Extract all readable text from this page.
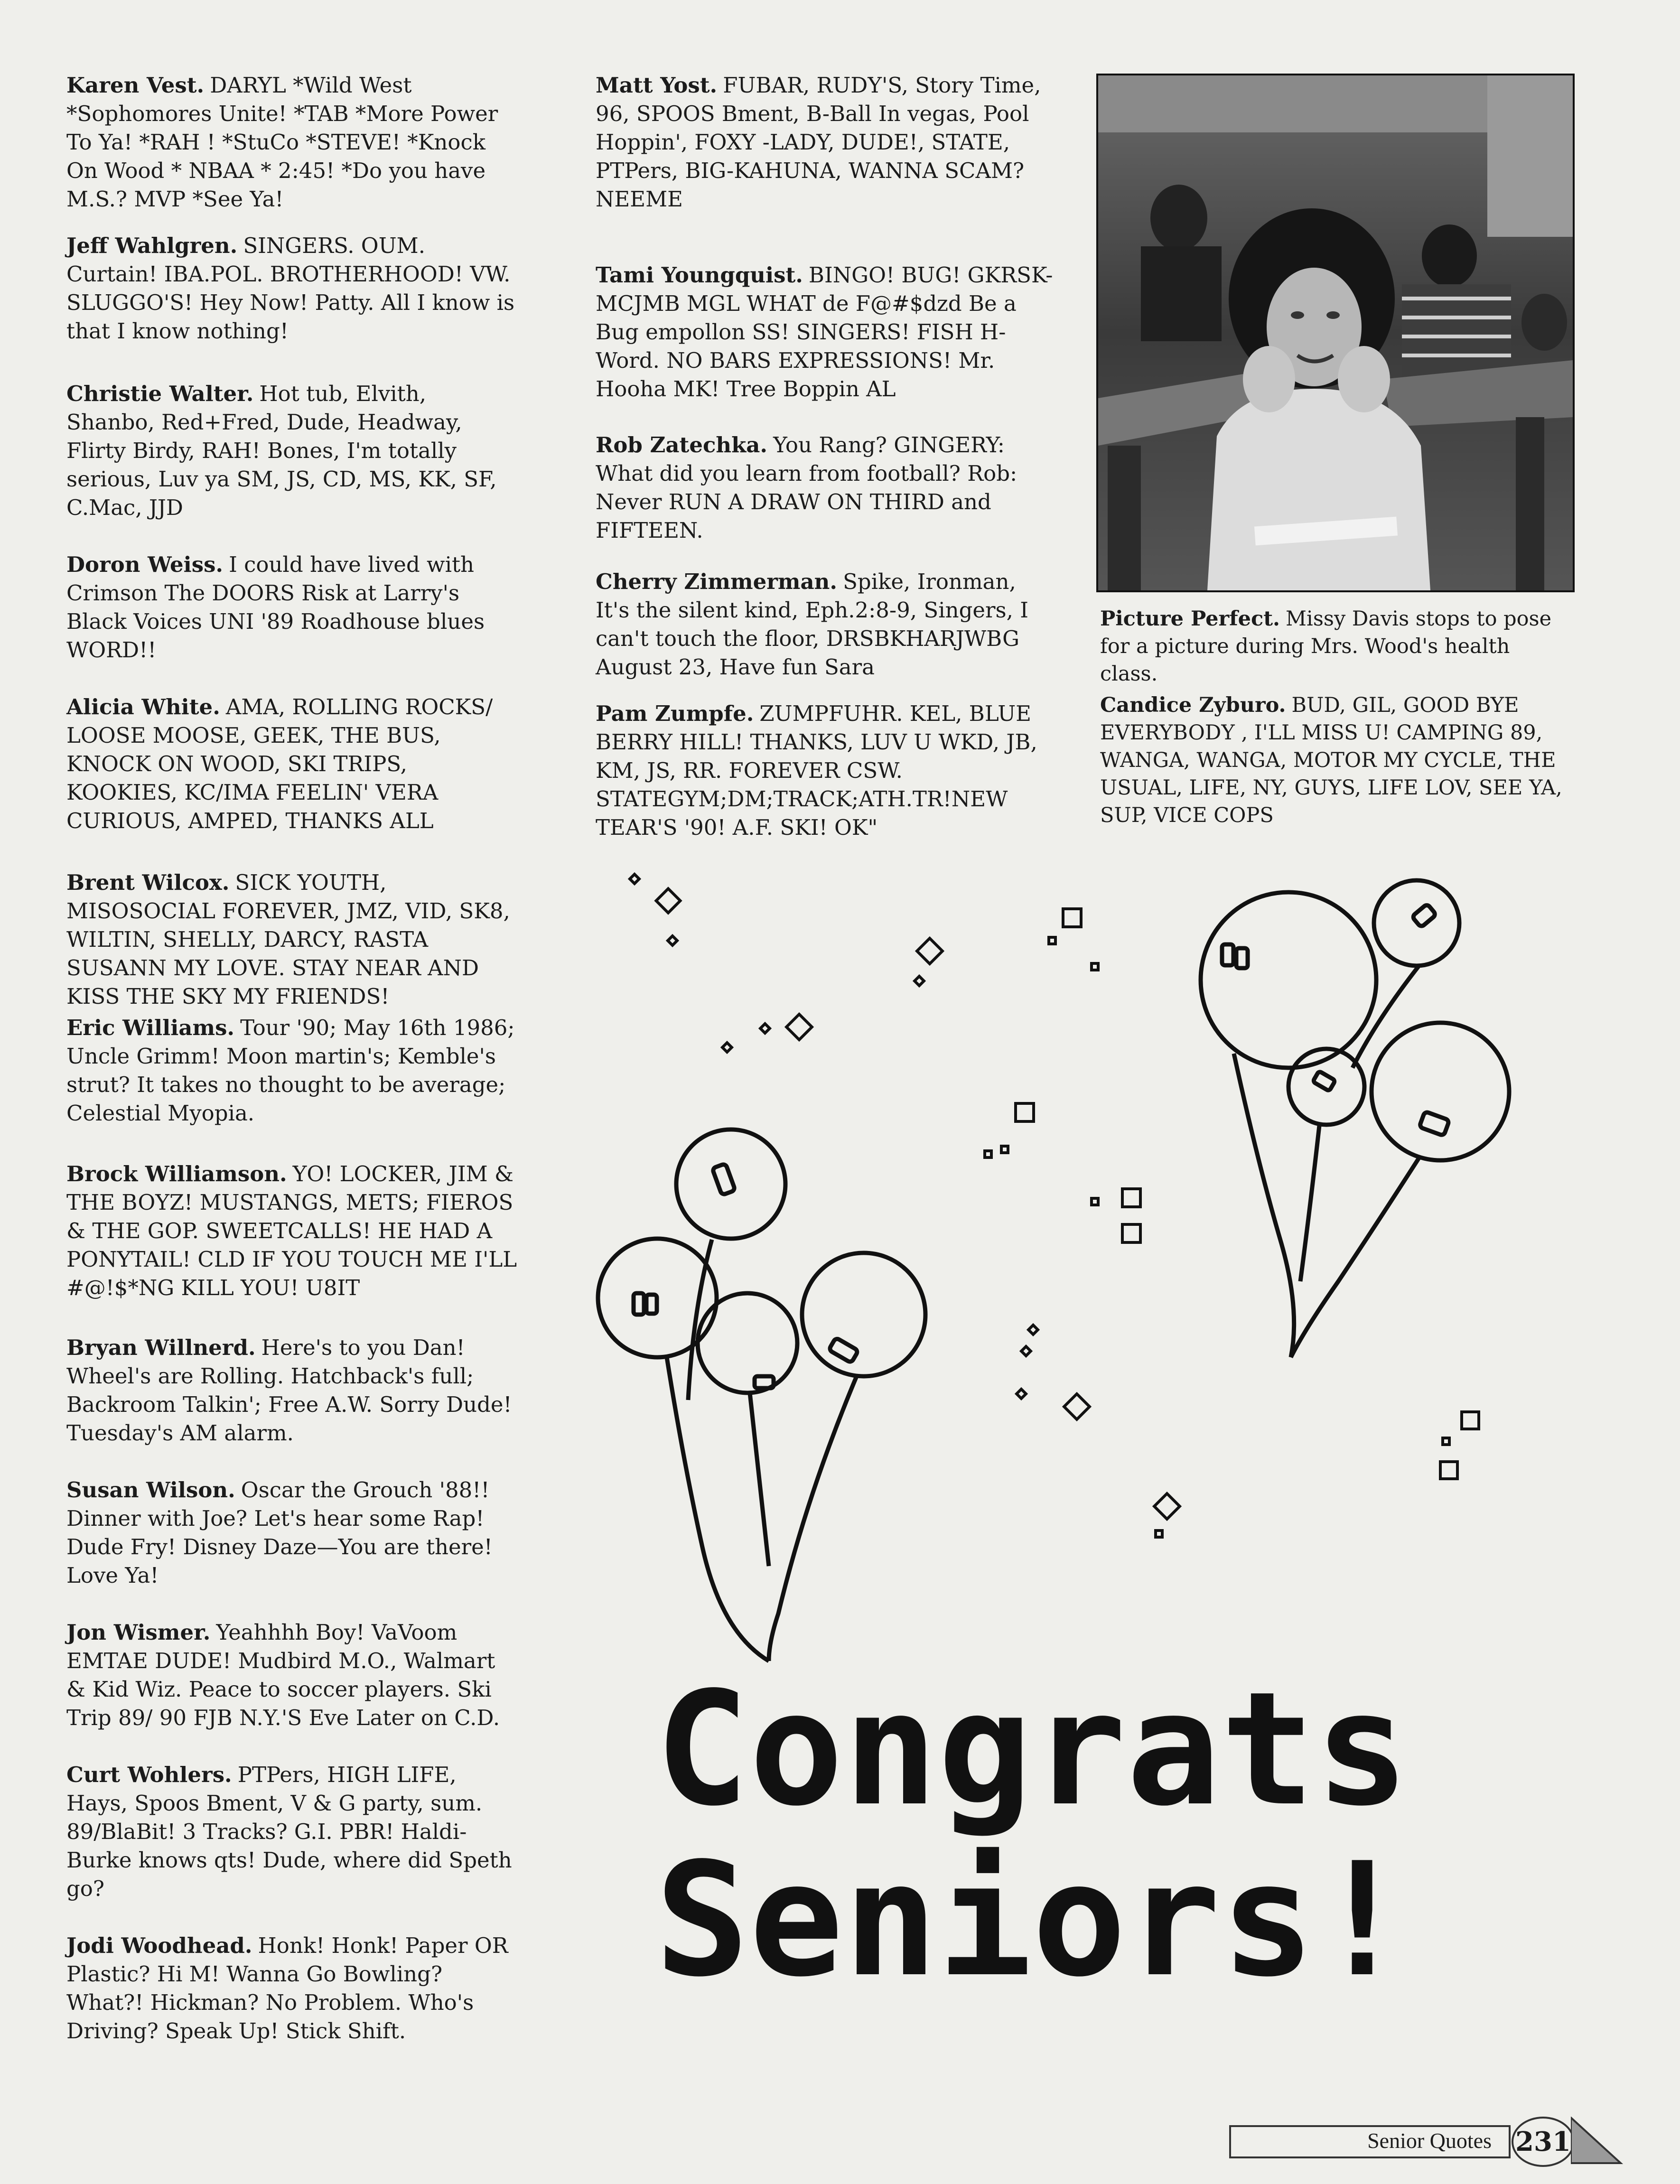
Karen Vest. DARYL *Wild West *Sophomores Unite! *TAB *More Power To Ya! *RAH ! *StuCo *STEVE! *Knock On Wood * NBAA * 2:45! *Do you have M.S.? MVP *See Ya!

Jeff Wahlgren. SINGERS. OUM. Curtain! IBA.POL. BROTHERHOOD! VW. SLUGGO'S! Hey Now! Patty. All I know is that I know nothing!

Christie Walter. Hot tub, Elvith, Shanbo, Red+Fred, Dude, Headway, Flirty Birdy, RAH! Bones, I'm totally serious, Luv ya SM, JS, CD, MS, KK, SF, C.Mac, JJD

Doron Weiss. I could have lived with Crimson The DOORS Risk at Larry's Black Voices UNI '89 Roadhouse blues WORD!!

Alicia White. AMA, ROLLING ROCKS/ LOOSE MOOSE, GEEK, THE BUS, KNOCK ON WOOD, SKI TRIPS, KOOKIES, KC/IMA FEELIN' VERA CURIOUS, AMPED, THANKS ALL

Brent Wilcox. SICK YOUTH, MISOSOCIAL FOREVER, JMZ, VID, SK8, WILTIN, SHELLY, DARCY, RASTA SUSANN MY LOVE. STAY NEAR AND KISS THE SKY MY FRIENDS!

Eric Williams. Tour '90; May 16th 1986; Uncle Grimm! Moon martin's; Kemble's strut? It takes no thought to be average; Celestial Myopia.

Brock Williamson. YO! LOCKER, JIM & THE BOYZ! MUSTANGS, METS; FIEROS & THE GOP. SWEETCALLS! HE HAD A PONYTAIL! CLD IF YOU TOUCH ME I'LL #@!$*NG KILL YOU! U8IT

Bryan Willnerd. Here's to you Dan! Wheel's are Rolling. Hatchback's full; Backroom Talkin'; Free A.W. Sorry Dude! Tuesday's AM alarm.

Susan Wilson. Oscar the Grouch '88!! Dinner with Joe? Let's hear some Rap! Dude Fry! Disney Daze—You are there! Love Ya!

Jon Wismer. Yeahhhh Boy! VaVoom EMTAE DUDE! Mudbird M.O., Walmart & Kid Wiz. Peace to soccer players. Ski Trip 89/ 90 FJB N.Y.'S Eve Later on C.D.

Curt Wohlers. PTPers, HIGH LIFE, Hays, Spoos Bment, V & G party, sum. 89/BlaBit! 3 Tracks? G.I. PBR! Haldi-Burke knows qts! Dude, where did Speth go?

Jodi Woodhead. Honk! Honk! Paper OR Plastic? Hi M! Wanna Go Bowling? What?! Hickman? No Problem. Who's Driving? Speak Up! Stick Shift.

Matt Yost. FUBAR, RUDY'S, Story Time, 96, SPOOS Bment, B-Ball In vegas, Pool Hoppin', FOXY -LADY, DUDE!, STATE, PTPers, BIG-KAHUNA, WANNA SCAM? NEEME

Tami Youngquist. BINGO! BUG! GKRSK-MCJMB MGL WHAT de F@#$dzd Be a Bug empollon SS! SINGERS! FISH H-Word. NO BARS EXPRESSIONS! Mr. Hooha MK! Tree Boppin AL

Rob Zatechka. You Rang? GINGERY: What did you learn from football? Rob: Never RUN A DRAW ON THIRD and FIFTEEN.

Cherry Zimmerman. Spike, Ironman, It's the silent kind, Eph.2:8-9, Singers, I can't touch the floor, DRSBKHARJWBG August 23, Have fun Sara

Pam Zumpfe. ZUMPFUHR. KEL, BLUE BERRY HILL! THANKS, LUV U WKD, JB, KM, JS, RR. FOREVER CSW. STATEGYM;DM;TRACK;ATH.TR!NEW TEAR'S '90! A.F. SKI! OK"

Picture Perfect. Missy Davis stops to pose for a picture during Mrs. Wood's health class.

Candice Zyburo. BUD, GIL, GOOD BYE EVERYBODY , I'LL MISS U! CAMPING 89, WANGA, WANGA, MOTOR MY CYCLE, THE USUAL, LIFE, NY, GUYS, LIFE LOV, SEE YA, SUP, VICE COPS

Congrats
Seniors!
Senior Quotes 231
